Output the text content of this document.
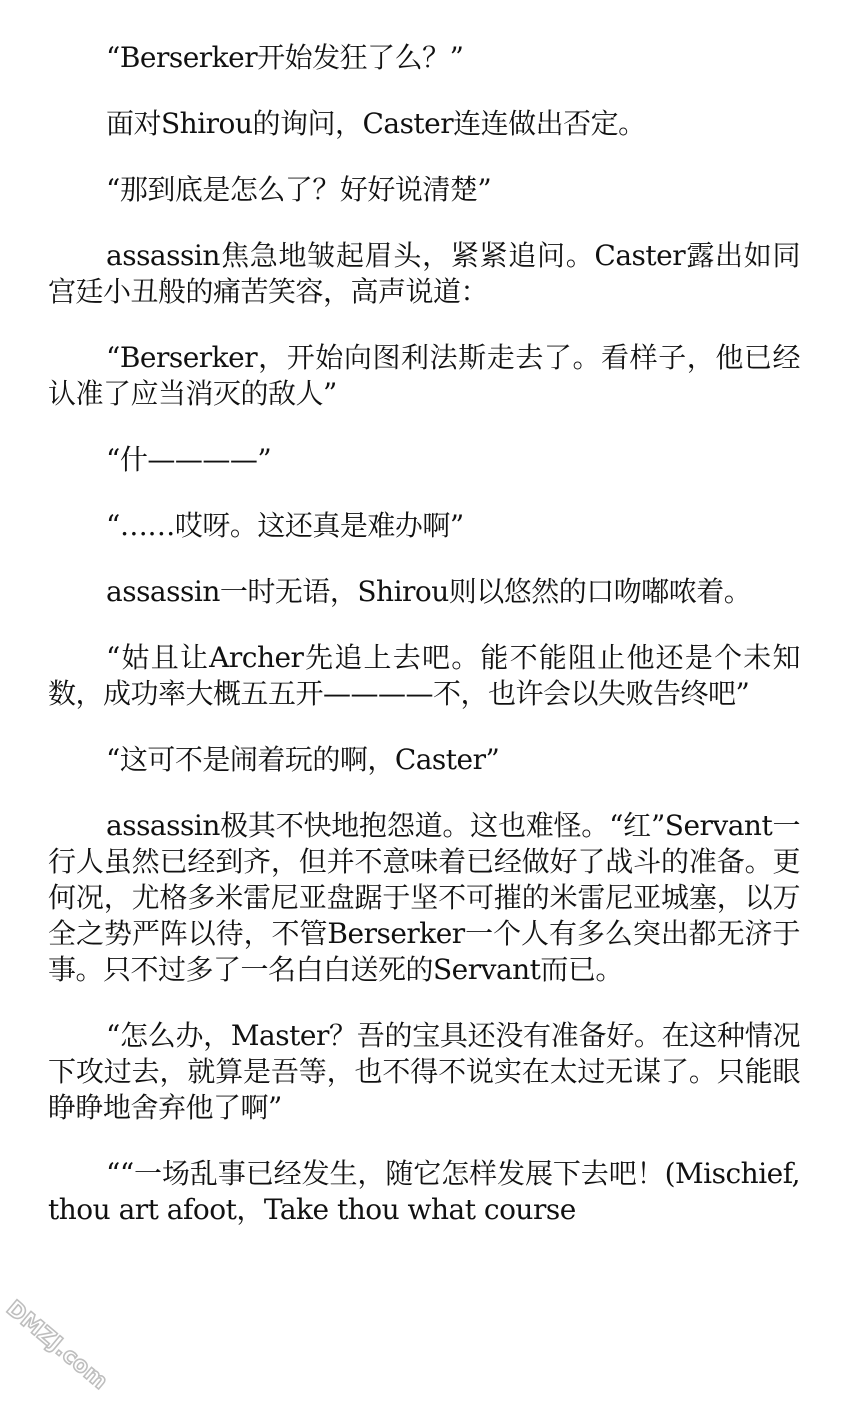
“Berserker开始发狂了么？”

面对Shirou的询问，Caster连连做出否定。

“那到底是怎么了？好好说清楚”

assassin焦急地皱起眉头，紧紧追问。Caster露出如同宫廷小丑般的痛苦笑容，高声说道：

“Berserker，开始向图利法斯走去了。看样子，他已经认准了应当消灭的敌人”

“什————”

“……哎呀。这还真是难办啊”

assassin一时无语，Shirou则以悠然的口吻嘟哝着。

“姑且让Archer先追上去吧。能不能阻止他还是个未知数，成功率大概五五开————不，也许会以失败告终吧”

“这可不是闹着玩的啊，Caster”

assassin极其不快地抱怨道。这也难怪。“红”Servant一行人虽然已经到齐，但并不意味着已经做好了战斗的准备。更何况，尤格多米雷尼亚盘踞于坚不可摧的米雷尼亚城塞，以万全之势严阵以待，不管Berserker一个人有多么突出都无济于事。只不过多了一名白白送死的Servant而已。

“怎么办，Master？吾的宝具还没有准备好。在这种情况下攻过去，就算是吾等，也不得不说实在太过无谋了。只能眼睁睁地舍弃他了啊”

““一场乱事已经发生，随它怎样发展下去吧！(Mischief, thou art afoot，Take thou what course

DMZJ.com
